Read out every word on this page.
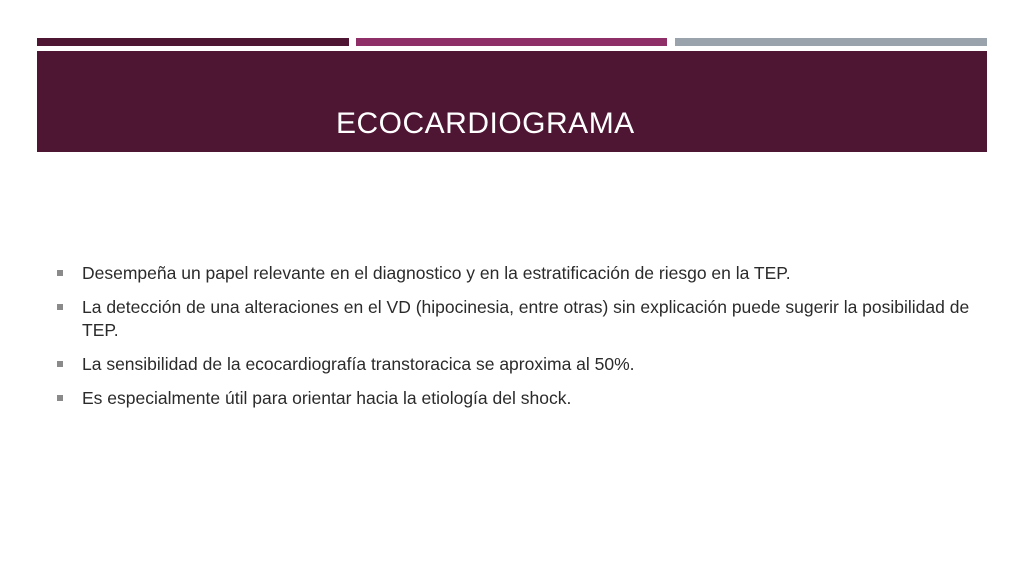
ECOCARDIOGRAMA
Desempeña un papel relevante en el diagnostico y en la estratificación de riesgo en la TEP.
La detección de una alteraciones en el VD (hipocinesia, entre otras) sin explicación puede sugerir la posibilidad de TEP.
La sensibilidad de la ecocardiografía transtoracica se aproxima al 50%.
Es especialmente útil para orientar hacia la etiología del shock.
